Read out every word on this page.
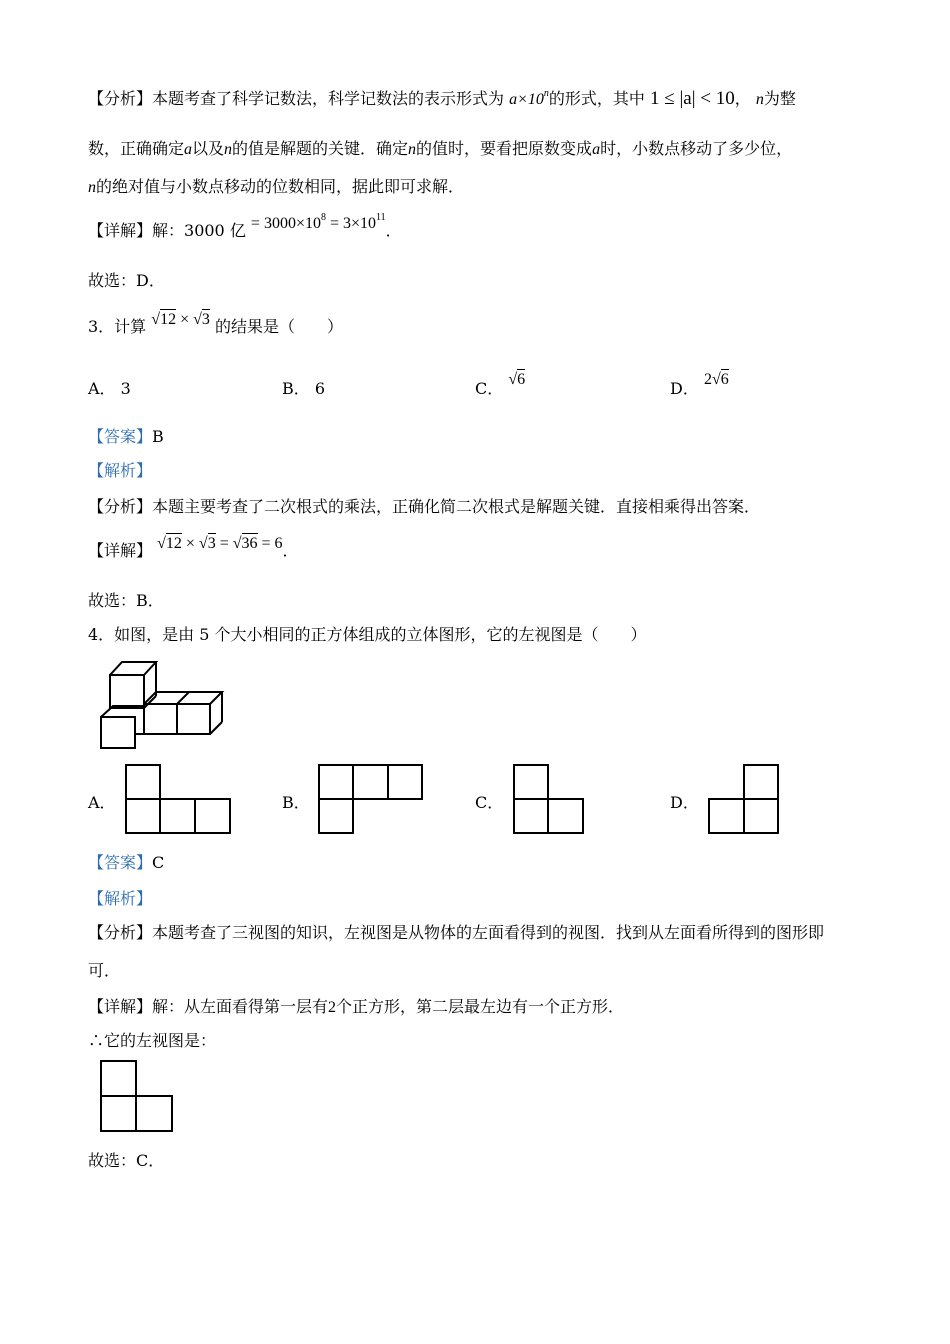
【分析】本题考查了科学记数法，科学记数法的表示形式为 $a\times 10^n$的形式，其中 1 ≤ |a| < 10， n为整
数，正确确定a以及n的值是解题的关键．确定n的值时，要看把原数变成a时，小数点移动了多少位，
n的绝对值与小数点移动的位数相同，据此即可求解．
【详解】解：3000 亿 = $3000\times 10^8 = 3\times 10^{11}$．
故选：D．
3．计算 √12 × √3 的结果是（　　）
A． 3	B． 6	C． √6	D． 2√6
【答案】B
【解析】
【分析】本题主要考查了二次根式的乘法，正确化简二次根式是解题关键．直接相乘得出答案．
【详解】 √12 × √3 = √36 = 6．
故选：B．
4．如图，是由 5 个大小相同的正方体组成的立体图形，它的左视图是（　　）
A．	B．	C．	D．
【答案】C
【解析】
【分析】本题考查了三视图的知识，左视图是从物体的左面看得到的视图．找到从左面看所得到的图形即
可．
【详解】解：从左面看得第一层有2个正方形，第二层最左边有一个正方形．
∴它的左视图是：
故选：C．
